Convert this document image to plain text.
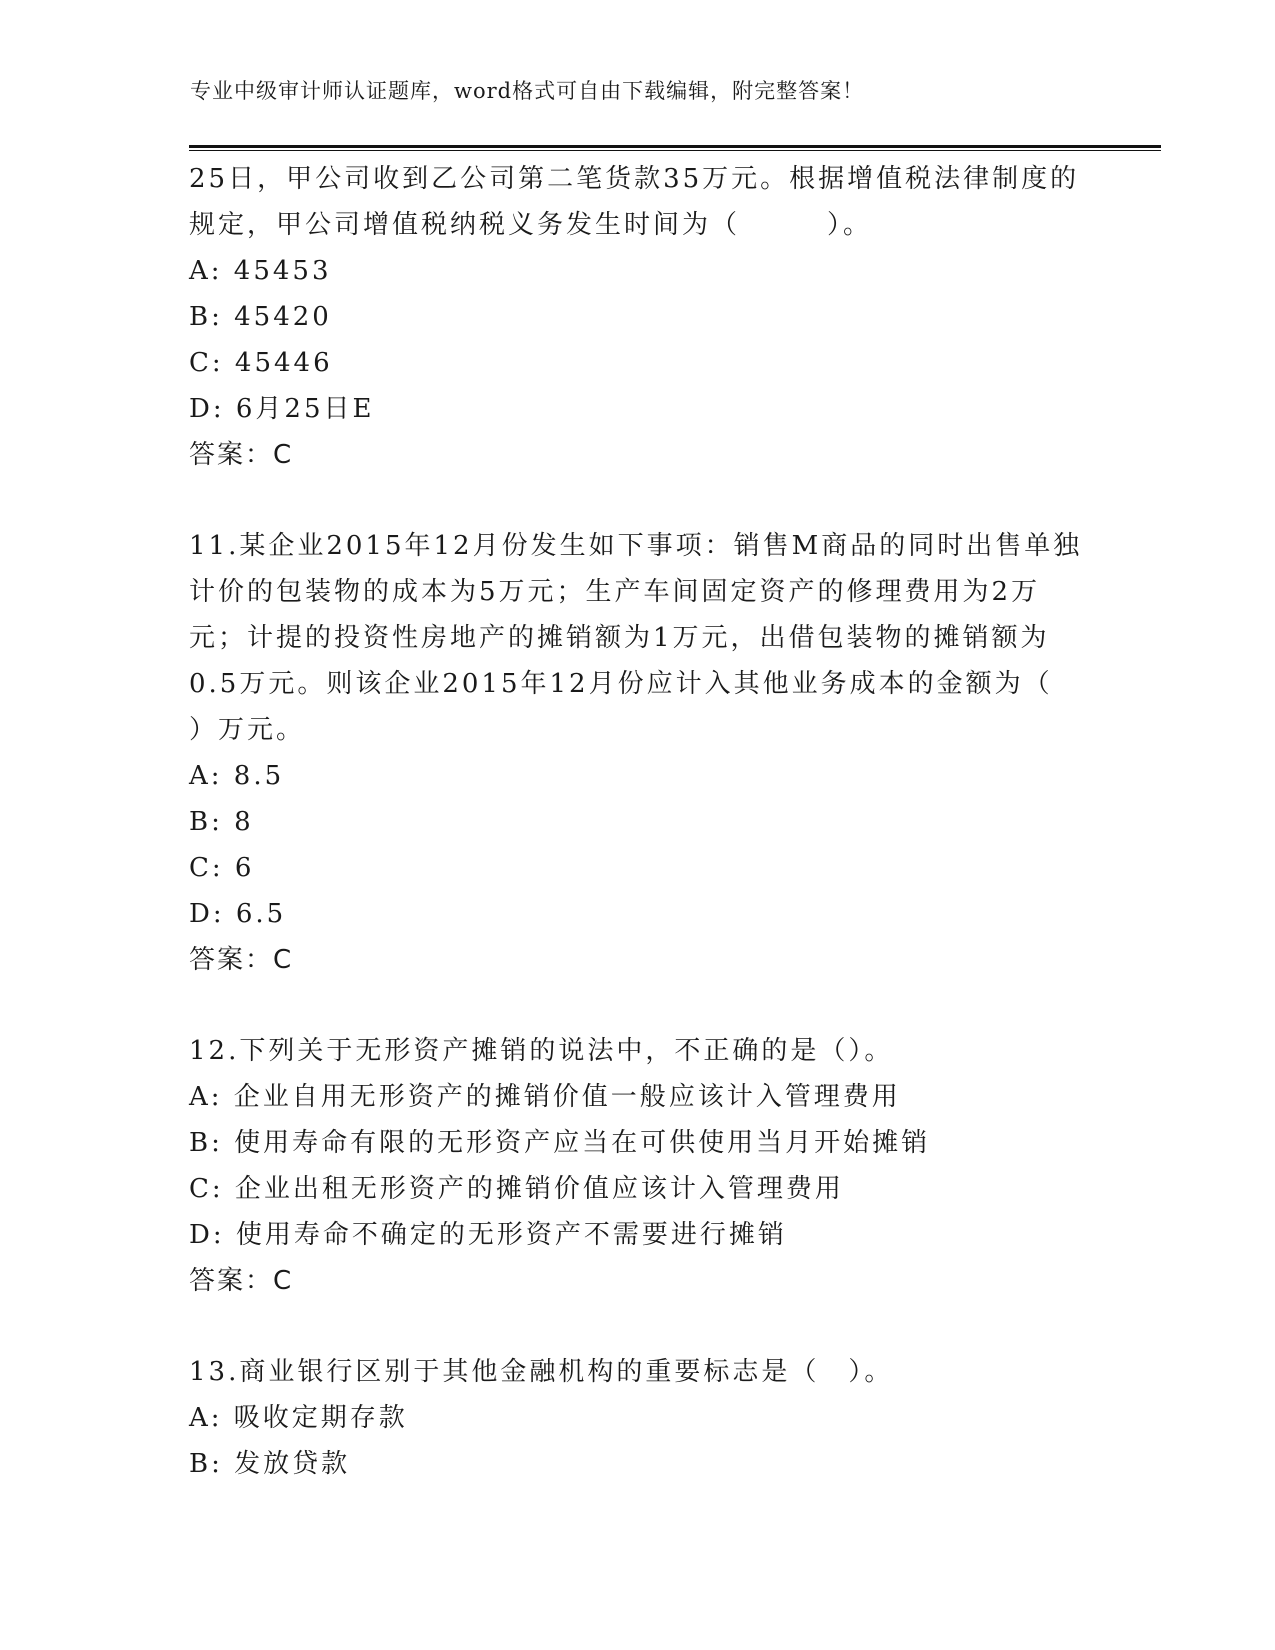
专业中级审计师认证题库，word格式可自由下载编辑，附完整答案！
25日，甲公司收到乙公司第二笔货款35万元。根据增值税法律制度的
规定，甲公司增值税纳税义务发生时间为（　　　）。
A: 45453
B: 45420
C: 45446
D: 6月25日E
答案：C
11.某企业2015年12月份发生如下事项：销售M商品的同时出售单独
计价的包装物的成本为5万元；生产车间固定资产的修理费用为2万
元；计提的投资性房地产的摊销额为1万元，出借包装物的摊销额为
0.5万元。则该企业2015年12月份应计入其他业务成本的金额为（
）万元。
A: 8.5
B: 8
C: 6
D: 6.5
答案：C
12.下列关于无形资产摊销的说法中，不正确的是（）。
A: 企业自用无形资产的摊销价值一般应该计入管理费用
B: 使用寿命有限的无形资产应当在可供使用当月开始摊销
C: 企业出租无形资产的摊销价值应该计入管理费用
D: 使用寿命不确定的无形资产不需要进行摊销
答案：C
13.商业银行区别于其他金融机构的重要标志是（　）。
A: 吸收定期存款
B: 发放贷款
